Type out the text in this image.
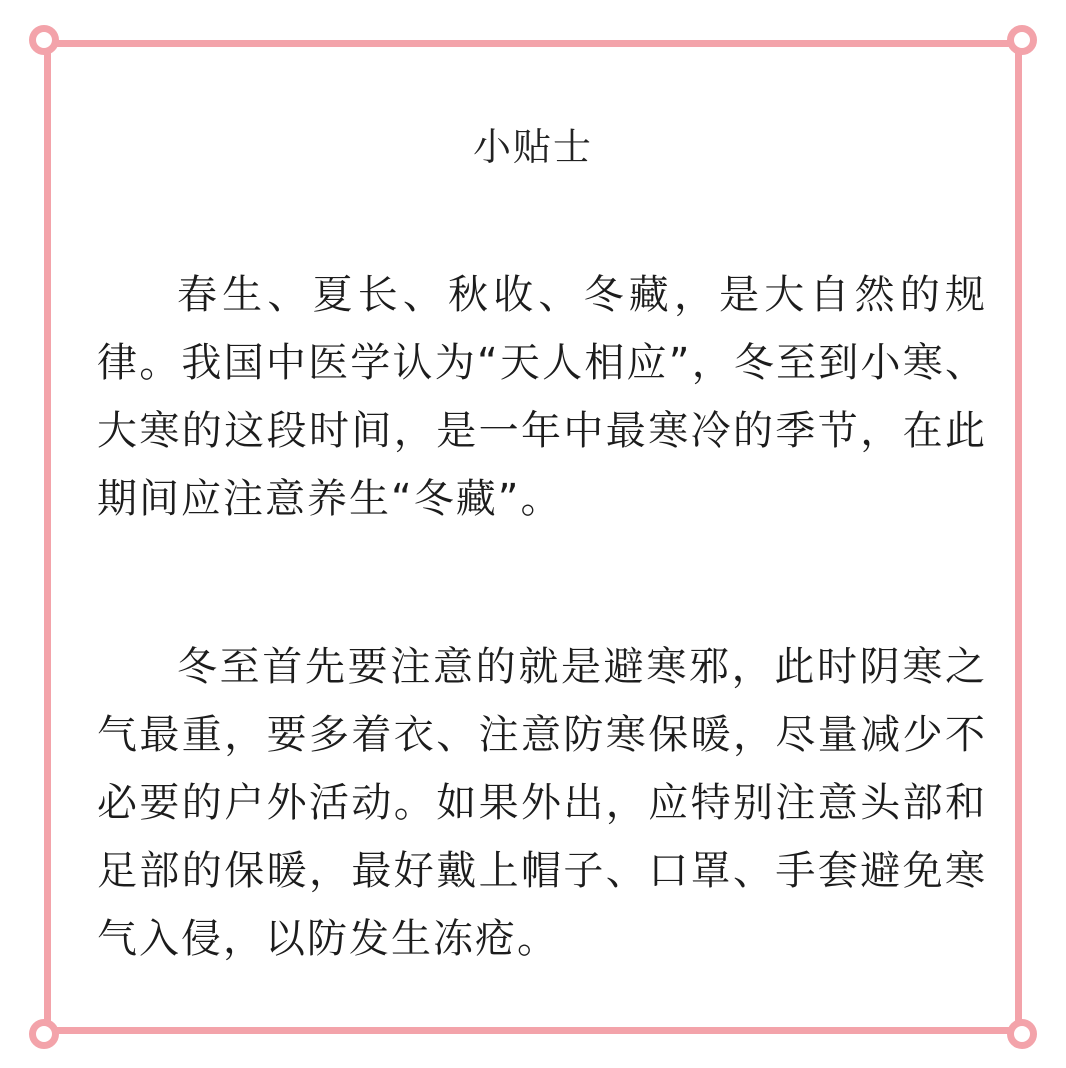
小贴士

春生、夏长、秋收、冬藏，是大自然的规律。我国中医学认为“天人相应”，冬至到小寒、大寒的这段时间，是一年中最寒冷的季节，在此期间应注意养生“冬藏”。

冬至首先要注意的就是避寒邪，此时阴寒之气最重，要多着衣、注意防寒保暖，尽量减少不必要的户外活动。如果外出，应特别注意头部和足部的保暖，最好戴上帽子、口罩、手套避免寒气入侵，以防发生冻疮。
